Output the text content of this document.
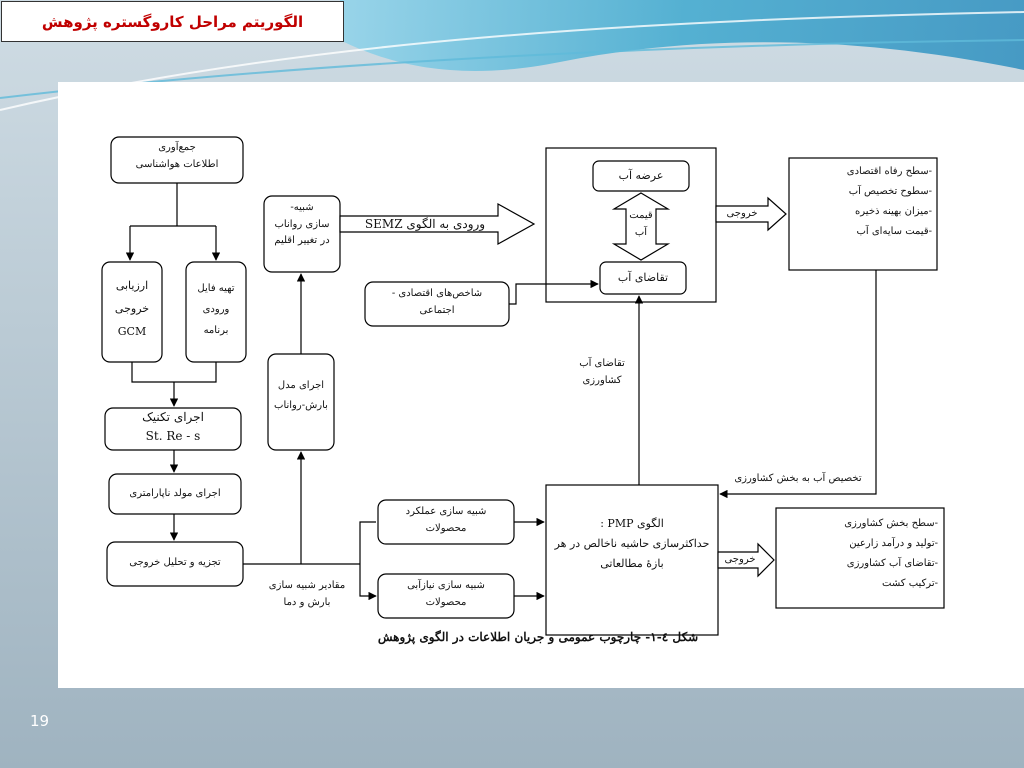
الگوریتم مراحل کاروگستره پژوهش
جمع‌آوری
اطلاعات هواشناسی
ارزیابی
خروجی
GCM
تهیه فایل
ورودی
برنامه
اجرای تکنیک
St. Re - s
اجرای مولد ناپارامتری
تجزیه و تحلیل خروجی
اجرای مدل
بارش-رواناب
شبیه-
سازی رواناب
در تغییر اقلیم
شاخص‌های اقتصادی -
اجتماعی
عرضه آب
قیمت
آب
تقاضای آب
-سطح رفاه اقتصادی
-سطوح تخصیص آب
-میزان بهینه ذخیره
-قیمت سایه‌ای آب
الگوی PMP :
حداکثرسازی حاشیه ناخالص در هر
بازهٔ مطالعاتی
شبیه سازی عملکرد
محصولات
شبیه سازی نیازآبی
محصولات
-سطح بخش کشاورزی
-تولید و درآمد زارعین
-تقاضای آب کشاورزی
-ترکیب کشت
ورودی به الگوی SEMZ
خروجی
خروجی
تقاضای آب
کشاورزی
تخصیص آب به بخش کشاورزی
مقادیر شبیه سازی
بارش و دما
شکل ٤-١- چارچوب عمومی و جریان اطلاعات در الگوی پژوهش
19
